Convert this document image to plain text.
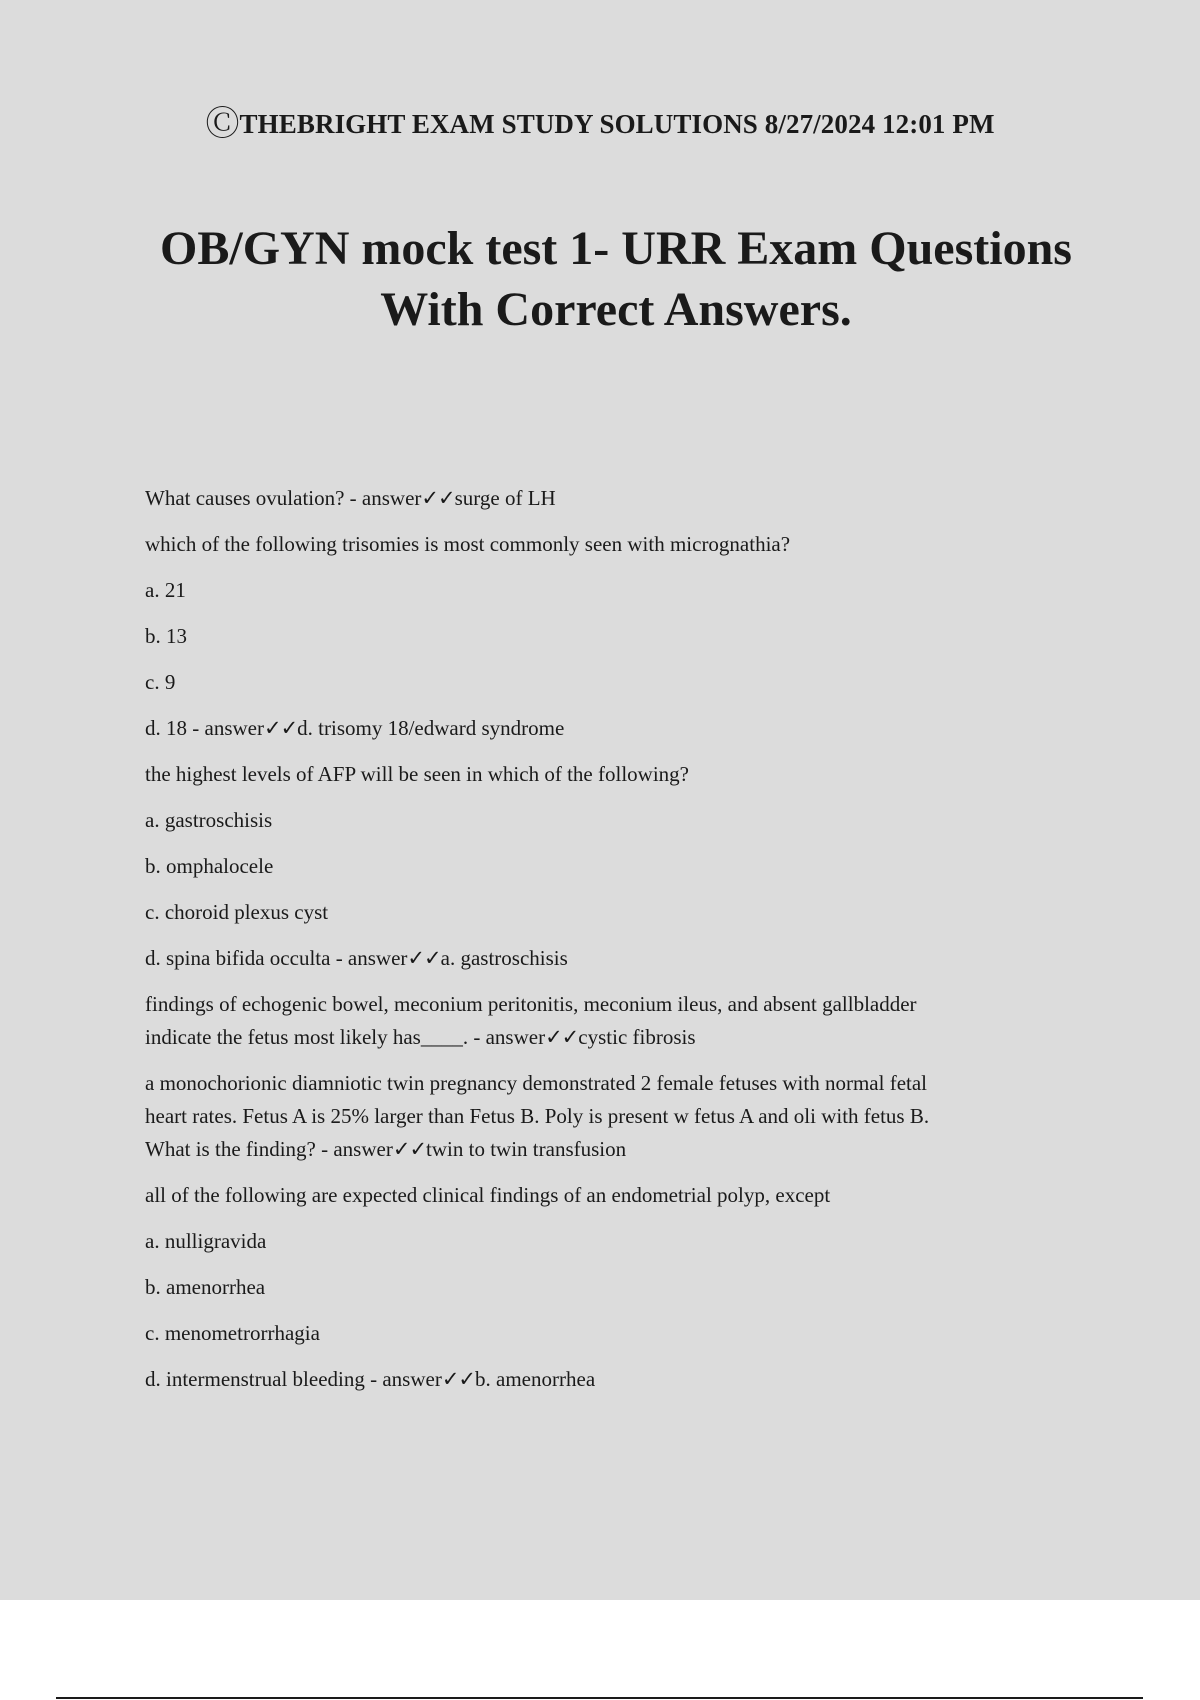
ⒸTHEBRIGHT EXAM STUDY SOLUTIONS 8/27/2024 12:01 PM
OB/GYN mock test 1- URR Exam Questions
With Correct Answers.
What causes ovulation? - answer✓✓surge of LH
which of the following trisomies is most commonly seen with micrognathia?
a. 21
b. 13
c. 9
d. 18 - answer✓✓d. trisomy 18/edward syndrome
the highest levels of AFP will be seen in which of the following?
a. gastroschisis
b. omphalocele
c. choroid plexus cyst
d. spina bifida occulta - answer✓✓a. gastroschisis
findings of echogenic bowel, meconium peritonitis, meconium ileus, and absent gallbladder
indicate the fetus most likely has____. - answer✓✓cystic fibrosis
a monochorionic diamniotic twin pregnancy demonstrated 2 female fetuses with normal fetal
heart rates. Fetus A is 25% larger than Fetus B. Poly is present w fetus A and oli with fetus B.
What is the finding? - answer✓✓twin to twin transfusion
all of the following are expected clinical findings of an endometrial polyp, except
a. nulligravida
b. amenorrhea
c. menometrorrhagia
d. intermenstrual bleeding - answer✓✓b. amenorrhea
